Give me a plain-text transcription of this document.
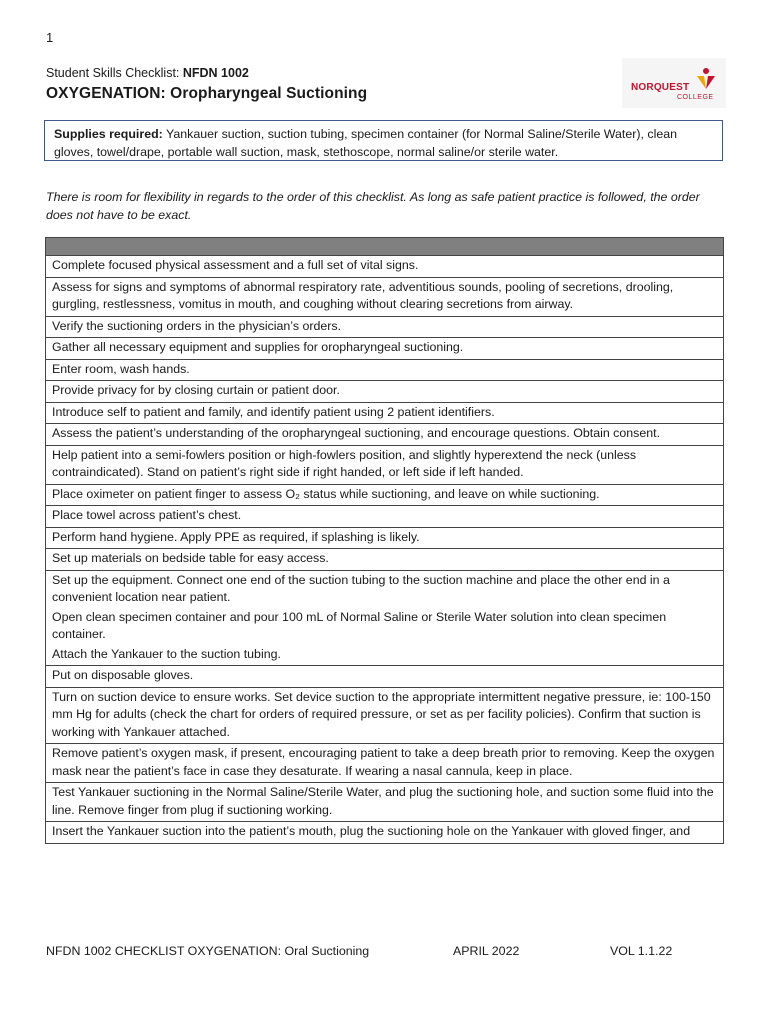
1
Student Skills Checklist: NFDN 1002
OXYGENATION: Oropharyngeal Suctioning	NORQUEST
COLLEGE
Supplies required: Yankauer suction, suction tubing, specimen container (for Normal Saline/Sterile Water), clean gloves, towel/drape, portable wall suction, mask, stethoscope, normal saline/or sterile water.
There is room for flexibility in regards to the order of this checklist. As long as safe patient practice is followed, the order does not have to be exact.
Complete focused physical assessment and a full set of vital signs.
Assess for signs and symptoms of abnormal respiratory rate, adventitious sounds, pooling of secretions, drooling, gurgling, restlessness, vomitus in mouth, and coughing without clearing secretions from airway.
Verify the suctioning orders in the physician’s orders.
Gather all necessary equipment and supplies for oropharyngeal suctioning.
Enter room, wash hands.
Provide privacy for by closing curtain or patient door.
Introduce self to patient and family, and identify patient using 2 patient identifiers.
Assess the patient’s understanding of the oropharyngeal suctioning, and encourage questions. Obtain consent.
Help patient into a semi-fowlers position or high-fowlers position, and slightly hyperextend the neck (unless contraindicated). Stand on patient’s right side if right handed, or left side if left handed.
Place oximeter on patient finger to assess O₂ status while suctioning, and leave on while suctioning.
Place towel across patient’s chest.
Perform hand hygiene. Apply PPE as required, if splashing is likely.
Set up materials on bedside table for easy access.
Set up the equipment. Connect one end of the suction tubing to the suction machine and place the other end in a convenient location near patient.
Open clean specimen container and pour 100 mL of Normal Saline or Sterile Water solution into clean specimen container.
Attach the Yankauer to the suction tubing.
Put on disposable gloves.
Turn on suction device to ensure works. Set device suction to the appropriate intermittent negative pressure, ie: 100-150 mm Hg for adults (check the chart for orders of required pressure, or set as per facility policies). Confirm that suction is working with Yankauer attached.
Remove patient’s oxygen mask, if present, encouraging patient to take a deep breath prior to removing. Keep the oxygen mask near the patient’s face in case they desaturate. If wearing a nasal cannula, keep in place.
Test Yankauer suctioning in the Normal Saline/Sterile Water, and plug the suctioning hole, and suction some fluid into the line. Remove finger from plug if suctioning working.
Insert the Yankauer suction into the patient’s mouth, plug the suctioning hole on the Yankauer with gloved finger, and
NFDN 1002 CHECKLIST OXYGENATION: Oral Suctioning	APRIL 2022	VOL 1.1.22
